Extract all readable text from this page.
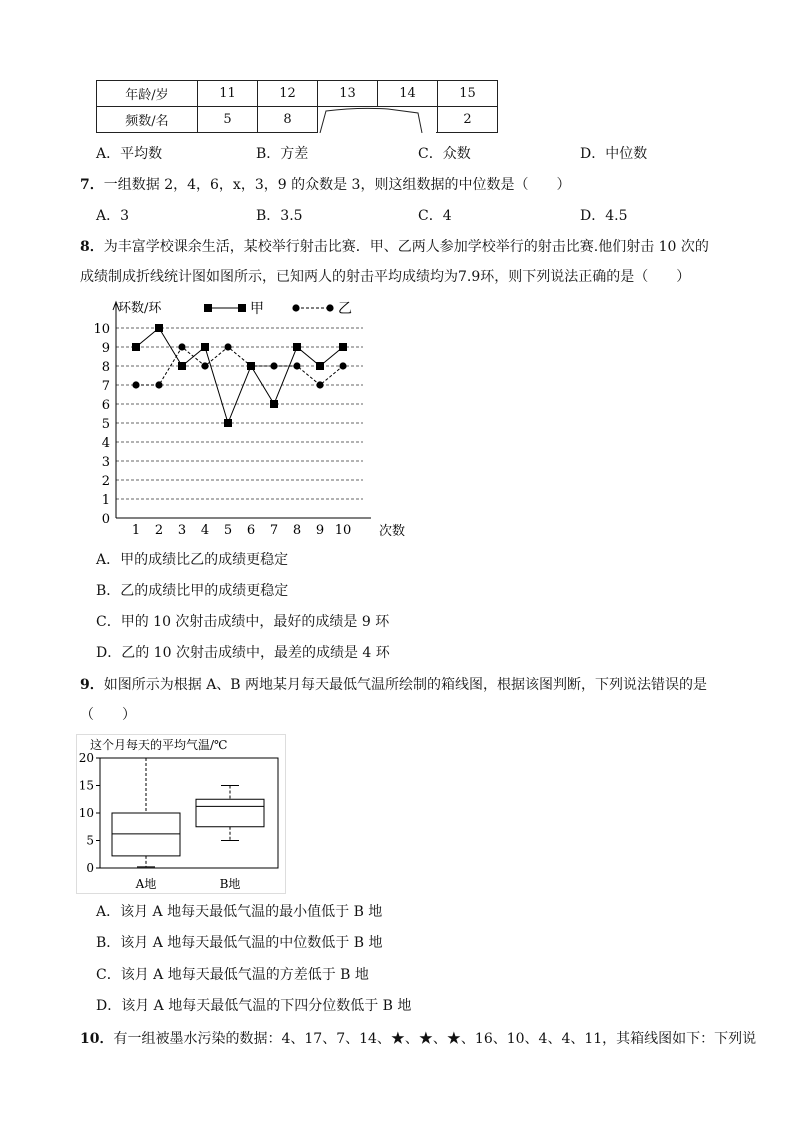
年龄/岁	11	12	13	14	15
频数/名	5	8			2
A．平均数	B．方差	C．众数	D．中位数
7．一组数据 2，4，6，x，3，9 的众数是 3，则这组数据的中位数是（　　）
A．3	B．3.5	C．4	D．4.5
8．为丰富学校课余生活，某校举行射击比赛．甲、乙两人参加学校举行的射击比赛.他们射击 10 次的
成绩制成折线统计图如图所示，已知两人的射击平均成绩均为7.9环，则下列说法正确的是（　　）
0
1
2
3
4
5
6
7
8
9
10
1 2 3 4 5 6 7 8 9 10
环数/环
次数
甲	乙
A．甲的成绩比乙的成绩更稳定
B．乙的成绩比甲的成绩更稳定
C．甲的 10 次射击成绩中，最好的成绩是 9 环
D．乙的 10 次射击成绩中，最差的成绩是 4 环
9．如图所示为根据 A、B 两地某月每天最低气温所绘制的箱线图，根据该图判断，下列说法错误的是
（　　）
这个月每天的平均气温/℃
0
5
10
15
20
A地	B地
A．该月 A 地每天最低气温的最小值低于 B 地
B．该月 A 地每天最低气温的中位数低于 B 地
C．该月 A 地每天最低气温的方差低于 B 地
D．该月 A 地每天最低气温的下四分位数低于 B 地
10．有一组被墨水污染的数据：4、17、7、14、★、★、★、16、10、4、4、11，其箱线图如下：下列说
